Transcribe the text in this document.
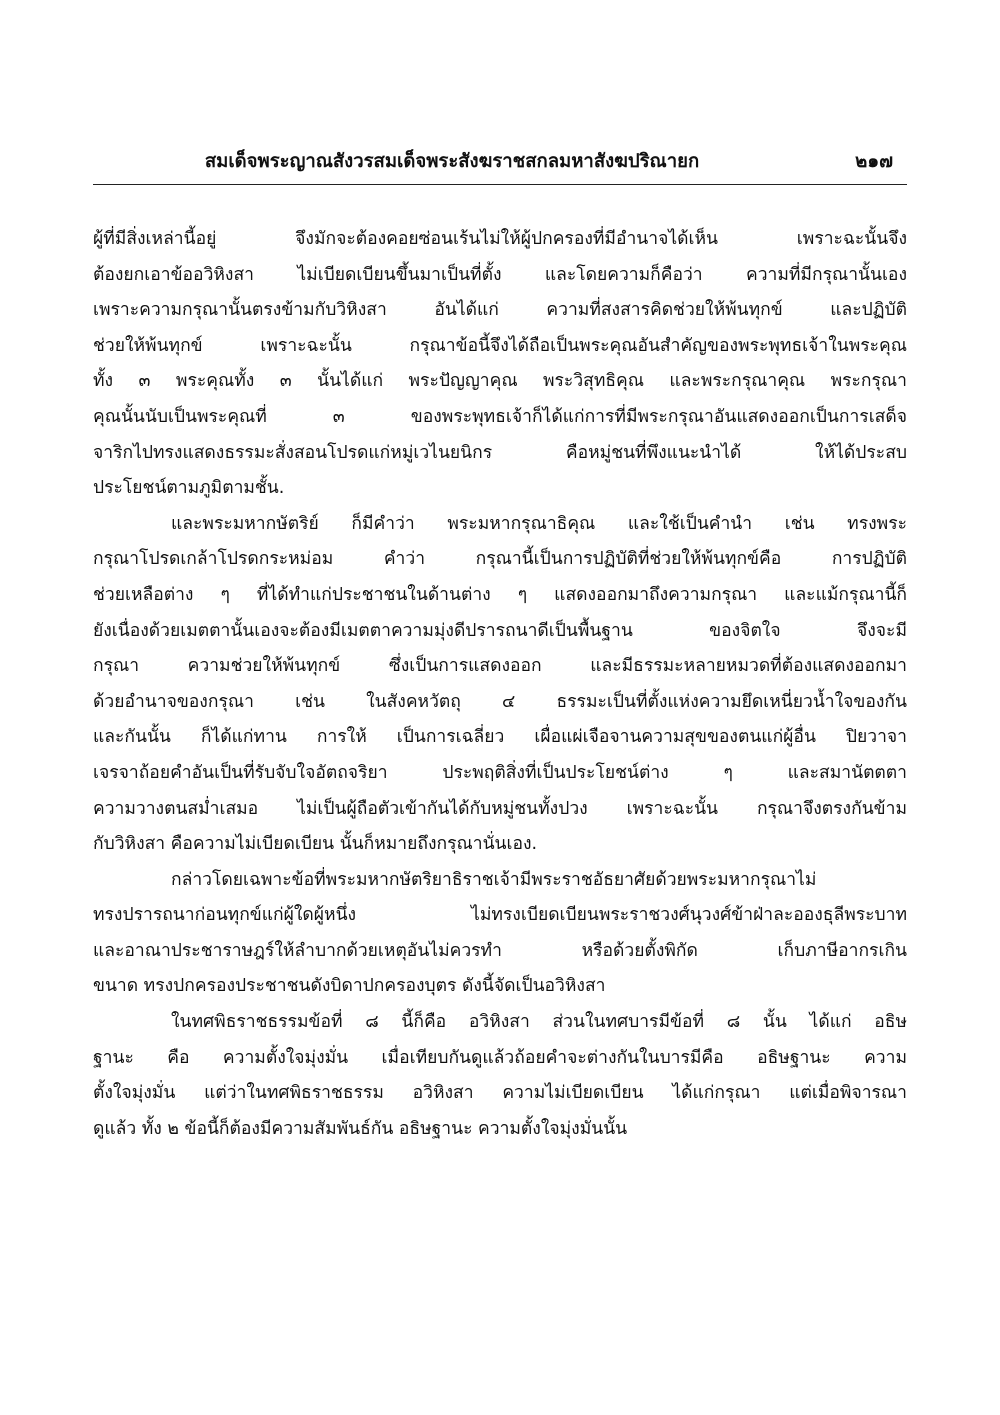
สมเด็จพระญาณสังวรสมเด็จพระสังฆราชสกลมหาสังฆปริณายก	๒๑๗
ผู้ที่มีสิ่งเหล่านี้อยู่ จึงมักจะต้องคอยซ่อนเร้นไม่ให้ผู้ปกครองที่มีอำนาจได้เห็น เพราะฉะนั้นจึง
ต้องยกเอาข้ออวิหิงสา ไม่เบียดเบียนขึ้นมาเป็นที่ตั้ง และโดยความก็คือว่า ความที่มีกรุณานั้นเอง
เพราะความกรุณานั้นตรงข้ามกับวิหิงสา อันได้แก่ ความที่สงสารคิดช่วยให้พ้นทุกข์ และปฏิบัติ
ช่วยให้พ้นทุกข์ เพราะฉะนั้น กรุณาข้อนี้จึงได้ถือเป็นพระคุณอันสำคัญของพระพุทธเจ้าในพระคุณ
ทั้ง ๓ พระคุณทั้ง ๓ นั้นได้แก่ พระปัญญาคุณ พระวิสุทธิคุณ และพระกรุณาคุณ พระกรุณา
คุณนั้นนับเป็นพระคุณที่ ๓ ของพระพุทธเจ้าก็ได้แก่การที่มีพระกรุณาอันแสดงออกเป็นการเสด็จ
จาริกไปทรงแสดงธรรมะสั่งสอนโปรดแก่หมู่เวไนยนิกร คือหมู่ชนที่พึงแนะนำได้ ให้ได้ประสบ
ประโยชน์ตามภูมิตามชั้น.
และพระมหากษัตริย์ ก็มีคำว่า พระมหากรุณาธิคุณ และใช้เป็นคำนำ เช่น ทรงพระ
กรุณาโปรดเกล้าโปรดกระหม่อม คำว่า กรุณานี้เป็นการปฏิบัติที่ช่วยให้พ้นทุกข์คือ การปฏิบัติ
ช่วยเหลือต่าง ๆ ที่ได้ทำแก่ประชาชนในด้านต่าง ๆ แสดงออกมาถึงความกรุณา และแม้กรุณานี้ก็
ยังเนื่องด้วยเมตตานั้นเองจะต้องมีเมตตาความมุ่งดีปรารถนาดีเป็นพื้นฐาน ของจิตใจ จึงจะมี
กรุณา ความช่วยให้พ้นทุกข์ ซึ่งเป็นการแสดงออก และมีธรรมะหลายหมวดที่ต้องแสดงออกมา
ด้วยอำนาจของกรุณา เช่น ในสังคหวัตถุ ๔ ธรรมะเป็นที่ตั้งแห่งความยึดเหนี่ยวน้ำใจของกัน
และกันนั้น ก็ได้แก่ทาน การให้ เป็นการเฉลี่ยว เผื่อแผ่เจือจานความสุขของตนแก่ผู้อื่น ปิยวาจา
เจรจาถ้อยคำอันเป็นที่รับจับใจอัตถจริยา ประพฤติสิ่งที่เป็นประโยชน์ต่าง ๆ และสมานัตตตา
ความวางตนสม่ำเสมอ ไม่เป็นผู้ถือตัวเข้ากันได้กับหมู่ชนทั้งปวง เพราะฉะนั้น กรุณาจึงตรงกันข้าม
กับวิหิงสา คือความไม่เบียดเบียน นั้นก็หมายถึงกรุณานั่นเอง.
กล่าวโดยเฉพาะข้อที่พระมหากษัตริยาธิราชเจ้ามีพระราชอัธยาศัยด้วยพระมหากรุณาไม่
ทรงปรารถนาก่อนทุกข์แก่ผู้ใดผู้หนึ่ง ไม่ทรงเบียดเบียนพระราชวงศ์นุวงศ์ข้าฝ่าละอองธุลีพระบาท
และอาณาประชาราษฎร์ให้ลำบากด้วยเหตุอันไม่ควรทำ หรือด้วยตั้งพิกัด เก็บภาษีอากรเกิน
ขนาด ทรงปกครองประชาชนดังบิดาปกครองบุตร ดังนี้จัดเป็นอวิหิงสา
ในทศพิธราชธรรมข้อที่ ๘ นี้ก็คือ อวิหิงสา ส่วนในทศบารมีข้อที่ ๘ นั้น ได้แก่ อธิษ
ฐานะ คือ ความตั้งใจมุ่งมั่น เมื่อเทียบกันดูแล้วถ้อยคำจะต่างกันในบารมีคือ อธิษฐานะ ความ
ตั้งใจมุ่งมั่น แต่ว่าในทศพิธราชธรรม อวิหิงสา ความไม่เบียดเบียน ได้แก่กรุณา แต่เมื่อพิจารณา
ดูแล้ว ทั้ง ๒ ข้อนี้ก็ต้องมีความสัมพันธ์กัน อธิษฐานะ ความตั้งใจมุ่งมั่นนั้น
